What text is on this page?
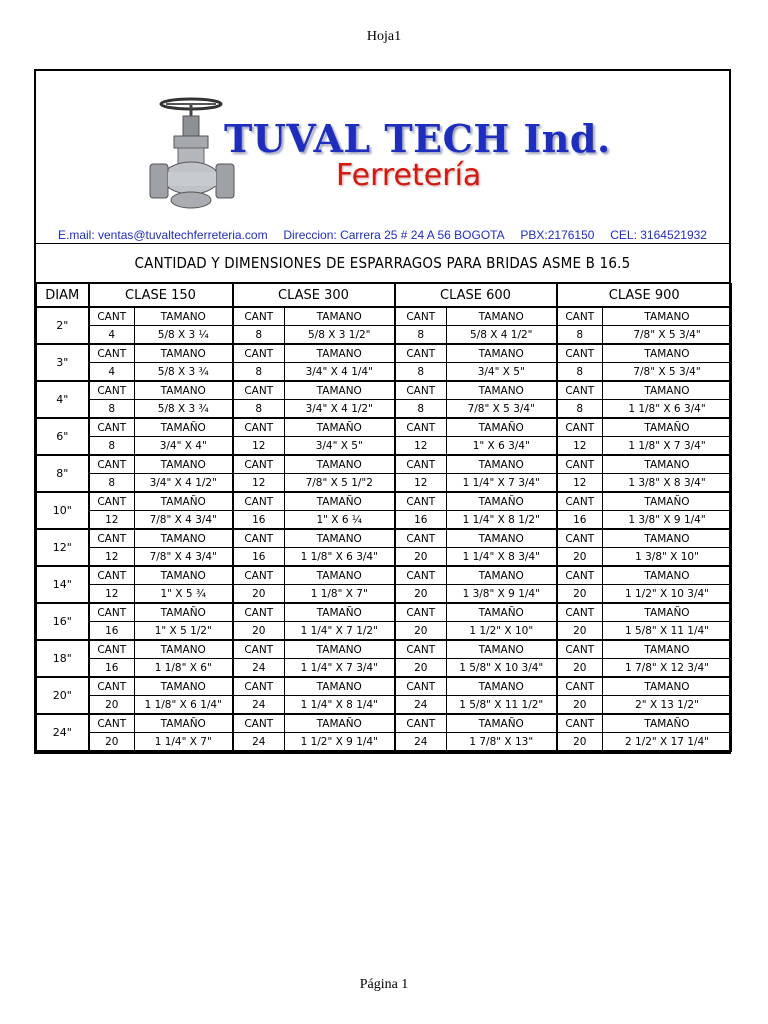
Hoja1
TUVAL TECH Ind.
Ferretería
E.mail: ventas@tuvaltechferreteria.com Direccion: Carrera 25 # 24 A 56 BOGOTA PBX:2176150 CEL: 3164521932
CANTIDAD Y DIMENSIONES DE ESPARRAGOS PARA BRIDAS ASME B 16.5
DIAM	CLASE 150		CLASE 300		CLASE 600		CLASE 900	
2"	CANT	TAMANO	CANT	TAMANO	CANT	TAMANO	CANT	TAMANO
	4	5/8 X 3 ¼	8	5/8 X 3 1/2"	8	5/8 X 4 1/2"	8	7/8" X 5 3/4"
3"	CANT	TAMANO	CANT	TAMANO	CANT	TAMANO	CANT	TAMANO
	4	5/8 X 3 ¾	8	3/4" X 4 1/4"	8	3/4" X 5"	8	7/8" X 5 3/4"
4"	CANT	TAMANO	CANT	TAMANO	CANT	TAMANO	CANT	TAMANO
	8	5/8 X 3 ¾	8	3/4" X 4 1/2"	8	7/8" X 5 3/4"	8	1 1/8" X 6 3/4"
6"	CANT	TAMAÑO	CANT	TAMAÑO	CANT	TAMAÑO	CANT	TAMAÑO
	8	3/4" X 4"	12	3/4" X 5"	12	1" X 6 3/4"	12	1 1/8" X 7 3/4"
8"	CANT	TAMANO	CANT	TAMANO	CANT	TAMANO	CANT	TAMANO
	8	3/4" X 4 1/2"	12	7/8" X 5 1/"2	12	1 1/4" X 7 3/4"	12	1 3/8" X 8 3/4"
10"	CANT	TAMAÑO	CANT	TAMAÑO	CANT	TAMAÑO	CANT	TAMAÑO
	12	7/8" X 4 3/4"	16	1" X 6 ¼	16	1 1/4" X 8 1/2"	16	1 3/8" X 9 1/4"
12"	CANT	TAMANO	CANT	TAMANO	CANT	TAMANO	CANT	TAMANO
	12	7/8" X 4 3/4"	16	1 1/8" X 6 3/4"	20	1 1/4" X 8 3/4"	20	1 3/8" X 10"
14"	CANT	TAMANO	CANT	TAMANO	CANT	TAMANO	CANT	TAMANO
	12	1" X 5 ¾	20	1 1/8" X 7"	20	1 3/8" X 9 1/4"	20	1 1/2" X 10 3/4"
16"	CANT	TAMAÑO	CANT	TAMAÑO	CANT	TAMAÑO	CANT	TAMAÑO
	16	1" X 5 1/2"	20	1 1/4" X 7 1/2"	20	1 1/2" X 10"	20	1 5/8" X 11 1/4"
18"	CANT	TAMANO	CANT	TAMANO	CANT	TAMANO	CANT	TAMANO
	16	1 1/8" X 6"	24	1 1/4" X 7 3/4"	20	1 5/8" X 10 3/4"	20	1 7/8" X 12 3/4"
20"	CANT	TAMANO	CANT	TAMANO	CANT	TAMANO	CANT	TAMANO
	20	1 1/8" X 6 1/4"	24	1 1/4" X 8 1/4"	24	1 5/8" X 11 1/2"	20	2" X 13 1/2"
24"	CANT	TAMAÑO	CANT	TAMAÑO	CANT	TAMAÑO	CANT	TAMAÑO
	20	1 1/4" X 7"	24	1 1/2" X 9 1/4"	24	1 7/8" X 13"	20	2 1/2" X 17 1/4"
Página 1
